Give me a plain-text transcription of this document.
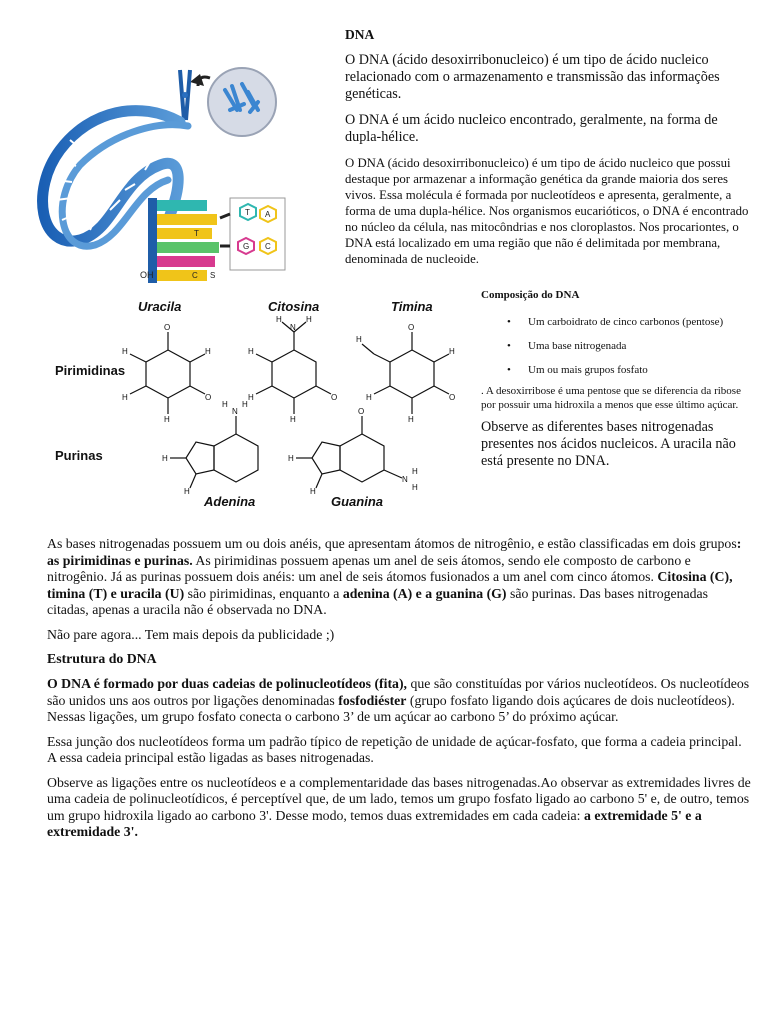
T
C S
OH
T A
G C
Uracila	Citosina	Timina
Adenina	Guanina
Pirimidinas
Purinas
O
H
O
H
H
H
N
H	H
O
H
H
H
O
H
O
H
H
H
N
H H
H
H
O
N
H
H
H
H
DNA

O DNA (ácido desoxirribonucleico) é um tipo de ácido nucleico relacionado com o armazenamento e transmissão das informações genéticas.

O DNA é um ácido nucleico encontrado, geralmente, na forma de dupla-hélice.

O DNA (ácido desoxirribonucleico) é um tipo de ácido nucleico que possui destaque por armazenar a informação genética da grande maioria dos seres vivos. Essa molécula é formada por nucleotídeos e apresenta, geralmente, a forma de uma dupla-hélice. Nos organismos eucarióticos, o DNA é encontrado no núcleo da célula, nas mitocôndrias e nos cloroplastos. Nos procariontes, o DNA está localizado em uma região que não é delimitada por membrana, denominada de nucleoide.

Composição do DNA
• Um carboidrato de cinco carbonos (pentose)
• Uma base nitrogenada
• Um ou mais grupos fosfato

. A desoxirribose é uma pentose que se diferencia da ribose por possuir uma hidroxila a menos que esse último açúcar.

Observe as diferentes bases nitrogenadas presentes nos ácidos nucleicos. A uracila não está presente no DNA.

As bases nitrogenadas possuem um ou dois anéis, que apresentam átomos de nitrogênio, e estão classificadas em dois grupos: as pirimidinas e purinas. As pirimidinas possuem apenas um anel de seis átomos, sendo ele composto de carbono e nitrogênio. Já as purinas possuem dois anéis: um anel de seis átomos fusionados a um anel com cinco átomos. Citosina (C), timina (T) e uracila (U) são pirimidinas, enquanto a adenina (A) e a guanina (G) são purinas. Das bases nitrogenadas citadas, apenas a uracila não é observada no DNA.

Não pare agora... Tem mais depois da publicidade ;)

Estrutura do DNA

O DNA é formado por duas cadeias de polinucleotídeos (fita), que são constituídas por vários nucleotídeos. Os nucleotídeos são unidos uns aos outros por ligações denominadas fosfodiéster (grupo fosfato ligando dois açúcares de dois nucleotídeos). Nessas ligações, um grupo fosfato conecta o carbono 3’ de um açúcar ao carbono 5’ do próximo açúcar.

Essa junção dos nucleotídeos forma um padrão típico de repetição de unidade de açúcar-fosfato, que forma a cadeia principal. A essa cadeia principal estão ligadas as bases nitrogenadas.

Observe as ligações entre os nucleotídeos e a complementaridade das bases nitrogenadas.Ao observar as extremidades livres de uma cadeia de polinucleotídicos, é perceptível que, de um lado, temos um grupo fosfato ligado ao carbono 5' e, de outro, temos um grupo hidroxila ligado ao carbono 3'. Desse modo, temos duas extremidades em cada cadeia: a extremidade 5' e a extremidade 3'.
